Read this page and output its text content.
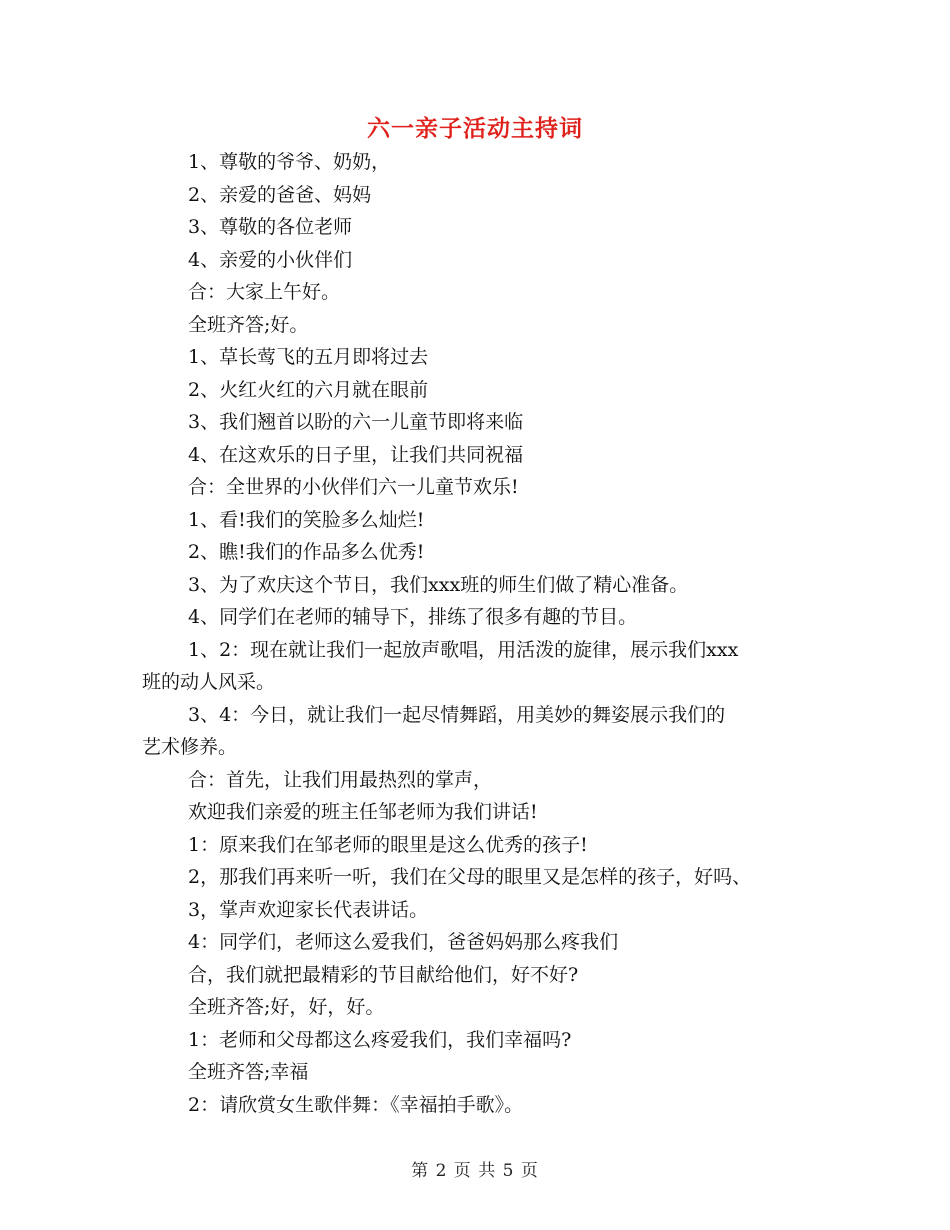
六一亲子活动主持词
1、尊敬的爷爷、奶奶，
2、亲爱的爸爸、妈妈
3、尊敬的各位老师
4、亲爱的小伙伴们
合：大家上午好。
全班齐答;好。
1、草长莺飞的五月即将过去
2、火红火红的六月就在眼前
3、我们翘首以盼的六一儿童节即将来临
4、在这欢乐的日子里，让我们共同祝福
合：全世界的小伙伴们六一儿童节欢乐!
1、看!我们的笑脸多么灿烂!
2、瞧!我们的作品多么优秀!
3、为了欢庆这个节日，我们xxx班的师生们做了精心准备。
4、同学们在老师的辅导下，排练了很多有趣的节目。
1、2：现在就让我们一起放声歌唱，用活泼的旋律，展示我们xxx
班的动人风采。
3、4：今日，就让我们一起尽情舞蹈，用美妙的舞姿展示我们的
艺术修养。
合：首先，让我们用最热烈的掌声，
欢迎我们亲爱的班主任邹老师为我们讲话!
1：原来我们在邹老师的眼里是这么优秀的孩子!
2，那我们再来听一听，我们在父母的眼里又是怎样的孩子，好吗、
3，掌声欢迎家长代表讲话。
4：同学们，老师这么爱我们，爸爸妈妈那么疼我们
合，我们就把最精彩的节目献给他们，好不好?
全班齐答;好，好，好。
1：老师和父母都这么疼爱我们，我们幸福吗?
全班齐答;幸福
2：请欣赏女生歌伴舞：《幸福拍手歌》。
第 2 页 共 5 页
